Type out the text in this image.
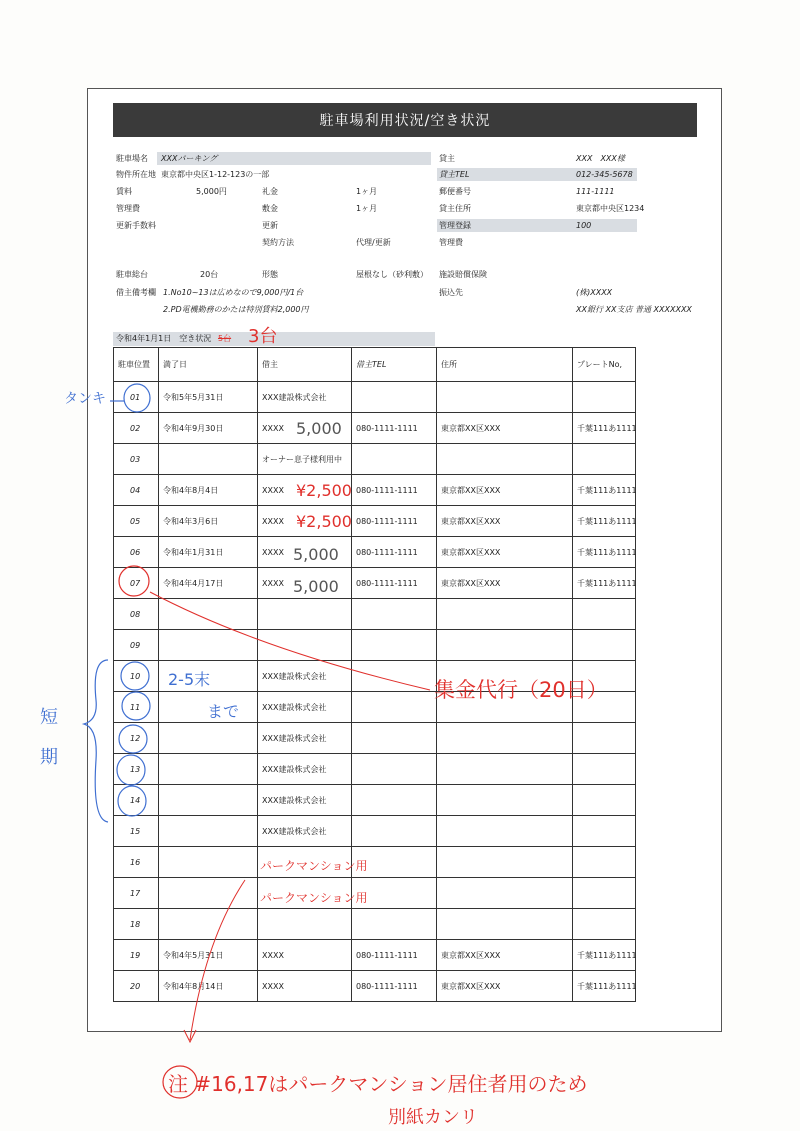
駐車場利用状況/空き状況
駐車場名 XXXパーキング
物件所在地 東京都中央区1-12-123の一部
賃料	5,000円	礼金	1ヶ月
管理費	敷金	1ヶ月
更新手数料	更新
契約方法	代理/更新
貸主	XXX　XXX様
貸主TEL	012-345-5678
郵便番号	111-1111
貸主住所	東京都中央区1234
管理登録	100
管理費
駐車総台	20台	形態	屋根なし（砂利敷） 施設賠償保険
借主備考欄 1.No10~13は広めなので9,000円/1台
2.PD電機勤務のかたは特別賃料2,000円
振込先	(株)XXXX
XX銀行 XX支店 普通 XXXXXXX
令和4年1月1日　空き状況 5台
駐車位置	満了日	借主	借主TEL	住所	プレートNo,
01	令和5年5月31日	XXX建設株式会社			
02	令和4年9月30日	XXXX	080-1111-1111	東京都XX区XXX	千葉111あ1111
03		オーナー息子様利用中			
04	令和4年8月4日	XXXX	080-1111-1111	東京都XX区XXX	千葉111あ1111
05	令和4年3月6日	XXXX	080-1111-1111	東京都XX区XXX	千葉111あ1111
06	令和4年1月31日	XXXX	080-1111-1111	東京都XX区XXX	千葉111あ1111
07	令和4年4月17日	XXXX	080-1111-1111	東京都XX区XXX	千葉111あ1111
08					
09					
10		XXX建設株式会社			
11		XXX建設株式会社			
12		XXX建設株式会社			
13		XXX建設株式会社			
14		XXX建設株式会社			
15		XXX建設株式会社			
16					
17					
18					
19	令和4年5月31日	XXXX	080-1111-1111	東京都XX区XXX	千葉111あ1111
20	令和4年8月14日	XXXX	080-1111-1111	東京都XX区XXX	千葉111あ1111
3台
タンキ
5,000
¥2,500
¥2,500
5,000
5,000
2-5末
まで
短期
集金代行（20日）
パークマンション用
パークマンション用
注 #16,17はパークマンション居住者用のため
別紙カンリ
